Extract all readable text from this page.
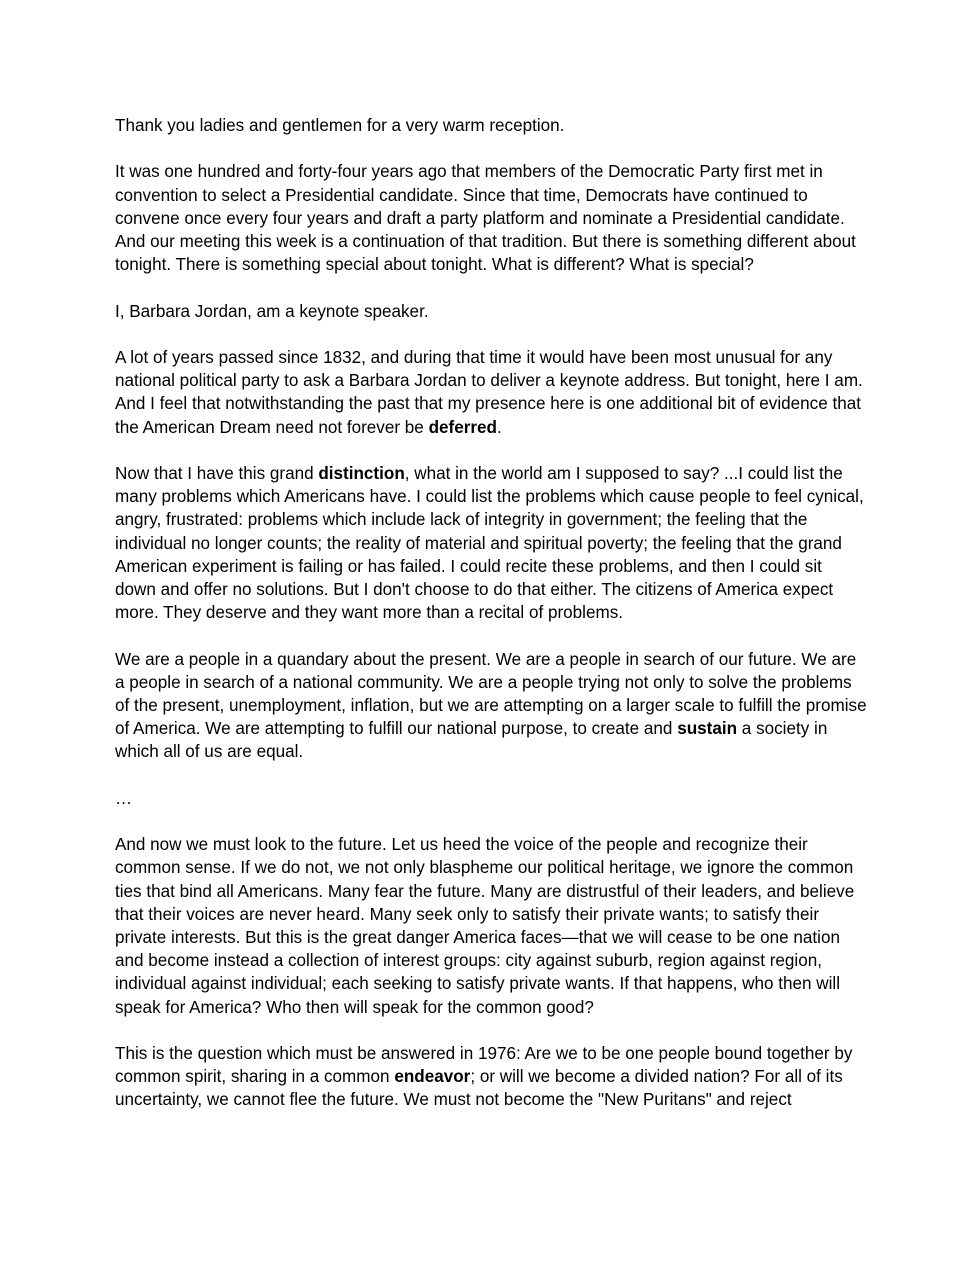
Thank you ladies and gentlemen for a very warm reception.

It was one hundred and forty-four years ago that members of the Democratic Party first met in convention to select a Presidential candidate. Since that time, Democrats have continued to convene once every four years and draft a party platform and nominate a Presidential candidate. And our meeting this week is a continuation of that tradition. But there is something different about tonight. There is something special about tonight. What is different? What is special?

I, Barbara Jordan, am a keynote speaker.

A lot of years passed since 1832, and during that time it would have been most unusual for any national political party to ask a Barbara Jordan to deliver a keynote address. But tonight, here I am. And I feel that notwithstanding the past that my presence here is one additional bit of evidence that the American Dream need not forever be deferred.

Now that I have this grand distinction, what in the world am I supposed to say? ...I could list the many problems which Americans have. I could list the problems which cause people to feel cynical, angry, frustrated: problems which include lack of integrity in government; the feeling that the individual no longer counts; the reality of material and spiritual poverty; the feeling that the grand American experiment is failing or has failed. I could recite these problems, and then I could sit down and offer no solutions. But I don't choose to do that either. The citizens of America expect more. They deserve and they want more than a recital of problems.

We are a people in a quandary about the present. We are a people in search of our future. We are a people in search of a national community. We are a people trying not only to solve the problems of the present, unemployment, inflation, but we are attempting on a larger scale to fulfill the promise of America. We are attempting to fulfill our national purpose, to create and sustain a society in which all of us are equal.

…

And now we must look to the future. Let us heed the voice of the people and recognize their common sense. If we do not, we not only blaspheme our political heritage, we ignore the common ties that bind all Americans. Many fear the future. Many are distrustful of their leaders, and believe that their voices are never heard. Many seek only to satisfy their private wants; to satisfy their private interests. But this is the great danger America faces—that we will cease to be one nation and become instead a collection of interest groups: city against suburb, region against region, individual against individual; each seeking to satisfy private wants. If that happens, who then will speak for America? Who then will speak for the common good?

This is the question which must be answered in 1976: Are we to be one people bound together by common spirit, sharing in a common endeavor; or will we become a divided nation? For all of its uncertainty, we cannot flee the future. We must not become the "New Puritans" and reject
